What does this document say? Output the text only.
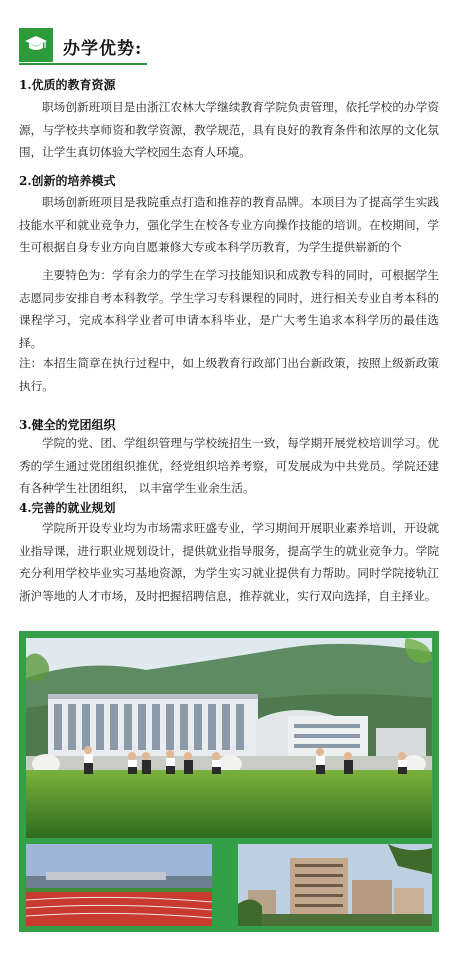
办学优势:
1.优质的教育资源
职场创新班项目是由浙江农林大学继续教育学院负责管理，依托学校的办学资源，与学校共享师资和教学资源，教学规范，具有良好的教育条件和浓厚的文化氛围，让学生真切体验大学校园生态育人环境。
2.创新的培养模式
职场创新班项目是我院重点打造和推荐的教育品牌。本项目为了提高学生实践技能水平和就业竞争力，强化学生在校各专业方向操作技能的培训。在校期间，学生可根据自身专业方向自愿兼修大专或本科学历教育，为学生提供崭新的个
主要特色为：学有余力的学生在学习技能知识和成教专科的同时，可根据学生志愿同步安排自考本科教学。学生学习专科课程的同时，进行相关专业自考本科的课程学习，完成本科学业者可申请本科毕业，是广大考生追求本科学历的最佳选择。
注：本招生简章在执行过程中，如上级教育行政部门出台新政策，按照上级新政策执行。
3.健全的党团组织
学院的党、团、学组织管理与学校统招生一致，每学期开展党校培训学习。优秀的学生通过党团组织推优，经党组织培养考察，可发展成为中共党员。学院还建有各种学生社团组织， 以丰富学生业余生活。
4.完善的就业规划
学院所开设专业均为市场需求旺盛专业，学习期间开展职业素养培训，开设就业指导课，进行职业规划设计，提供就业指导服务，提高学生的就业竞争力。学院充分利用学校毕业实习基地资源，为学生实习就业提供有力帮助。同时学院接轨江浙沪等地的人才市场，及时把握招聘信息，推荐就业，实行双向选择，自主择业。
